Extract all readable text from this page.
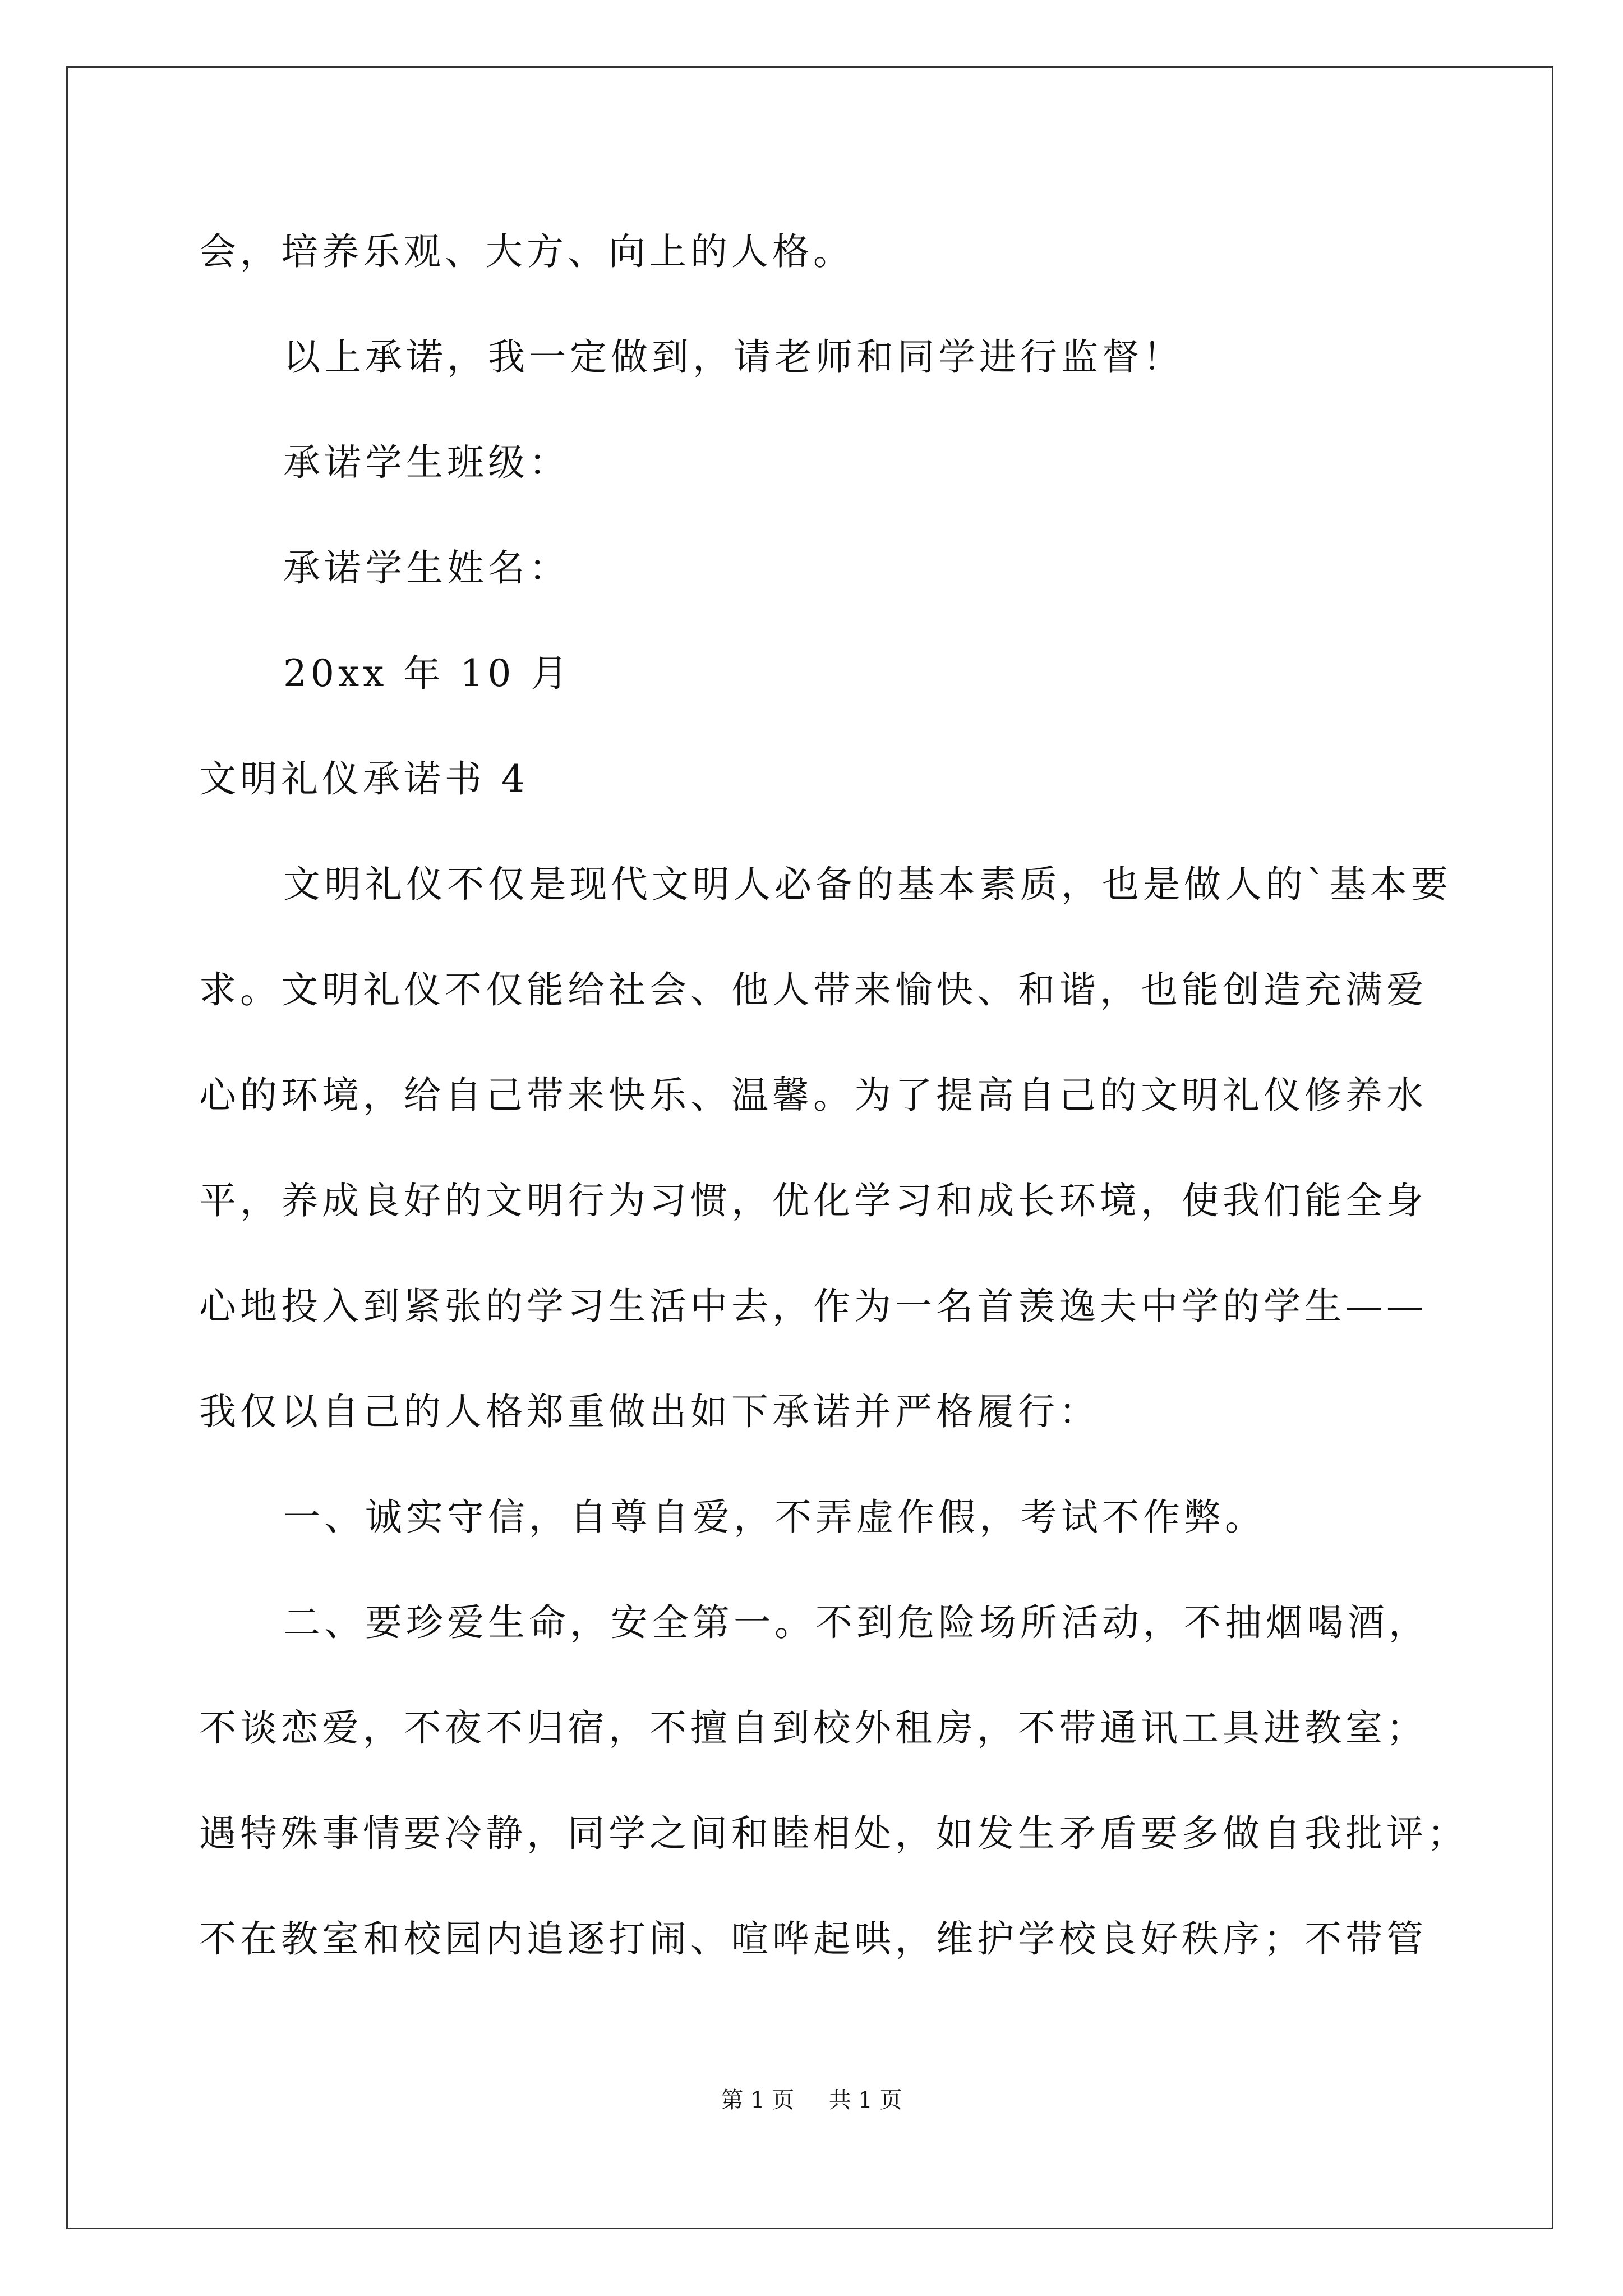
会，培养乐观、大方、向上的人格。
以上承诺，我一定做到，请老师和同学进行监督！
承诺学生班级：
承诺学生姓名：
20xx 年 10 月
文明礼仪承诺书 4
文明礼仪不仅是现代文明人必备的基本素质，也是做人的`基本要
求。文明礼仪不仅能给社会、他人带来愉快、和谐，也能创造充满爱
心的环境，给自己带来快乐、温馨。为了提高自己的文明礼仪修养水
平，养成良好的文明行为习惯，优化学习和成长环境，使我们能全身
心地投入到紧张的学习生活中去，作为一名首羡逸夫中学的学生——
我仅以自己的人格郑重做出如下承诺并严格履行：
一、诚实守信，自尊自爱，不弄虚作假，考试不作弊。
二、要珍爱生命，安全第一。不到危险场所活动，不抽烟喝酒，
不谈恋爱，不夜不归宿，不擅自到校外租房，不带通讯工具进教室；
遇特殊事情要冷静，同学之间和睦相处，如发生矛盾要多做自我批评；
不在教室和校园内追逐打闹、喧哗起哄，维护学校良好秩序；不带管
第 1 页 共 1 页
